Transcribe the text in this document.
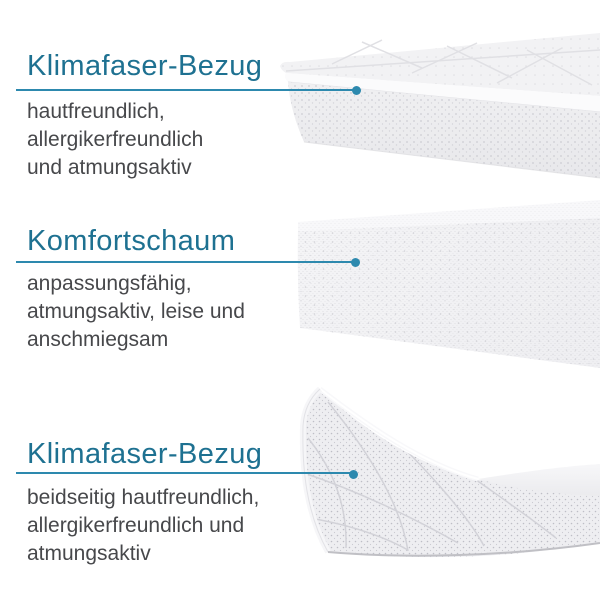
Klimafaser-Bezug

hautfreundlich,
allergikerfreundlich
und atmungsaktiv

Komfortschaum

anpassungsfähig,
atmungsaktiv, leise und
anschmiegsam

Klimafaser-Bezug

beidseitig hautfreundlich,
allergikerfreundlich und
atmungsaktiv
